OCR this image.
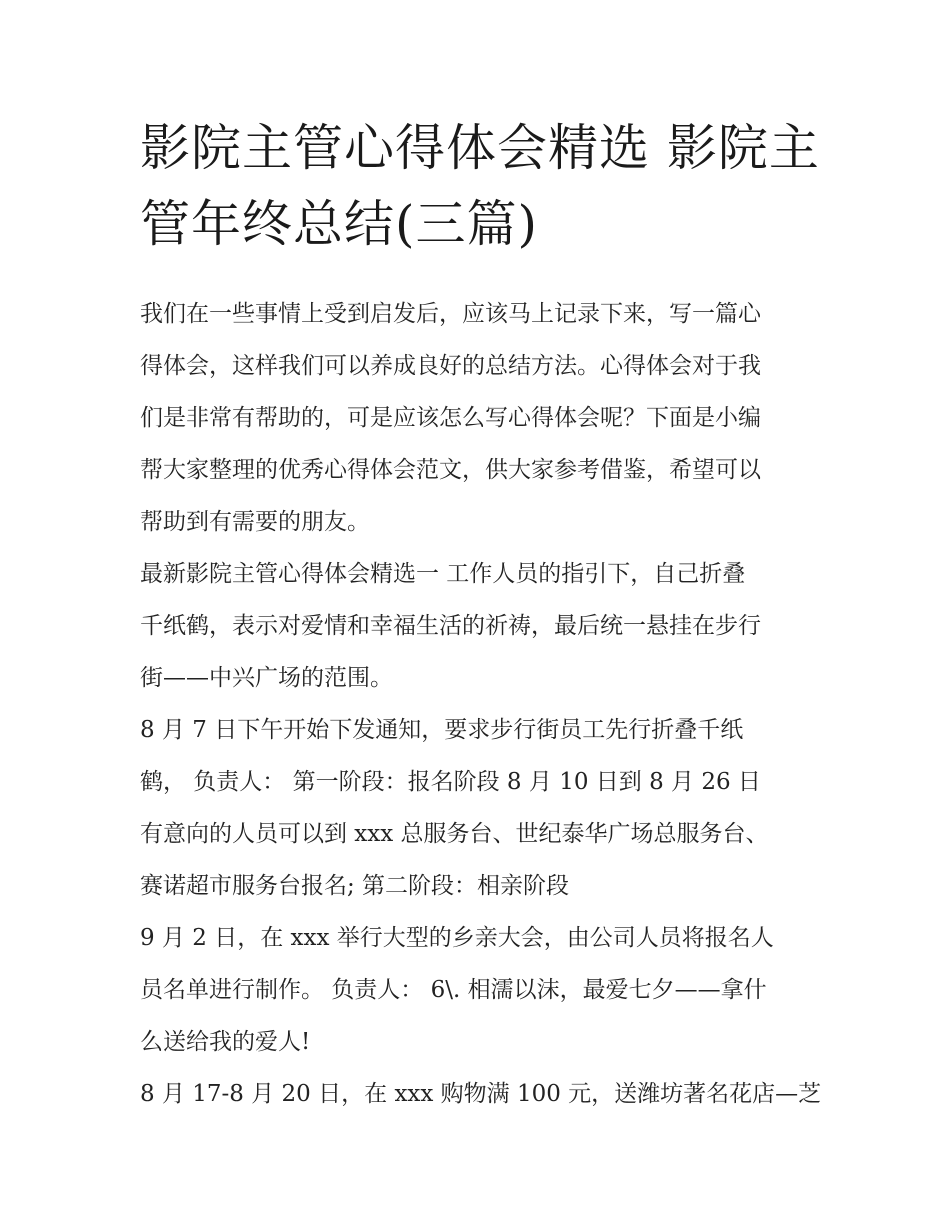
影院主管心得体会精选 影院主
管年终总结(三篇)

我们在一些事情上受到启发后，应该马上记录下来，写一篇心
得体会，这样我们可以养成良好的总结方法。心得体会对于我
们是非常有帮助的，可是应该怎么写心得体会呢？下面是小编
帮大家整理的优秀心得体会范文，供大家参考借鉴，希望可以
帮助到有需要的朋友。

最新影院主管心得体会精选一 工作人员的指引下，自己折叠
千纸鹤，表示对爱情和幸福生活的祈祷，最后统一悬挂在步行
街——中兴广场的范围。

8 月 7 日下午开始下发通知，要求步行街员工先行折叠千纸
鹤， 负责人： 第一阶段：报名阶段 8 月 10 日到 8 月 26 日
有意向的人员可以到 xxx 总服务台、世纪泰华广场总服务台、
赛诺超市服务台报名; 第二阶段：相亲阶段

9 月 2 日，在 xxx 举行大型的乡亲大会，由公司人员将报名人
员名单进行制作。 负责人： 6\. 相濡以沫，最爱七夕——拿什
么送给我的爱人!

8 月 17-8 月 20 日，在 xxx 购物满 100 元，送潍坊著名花店—芝
